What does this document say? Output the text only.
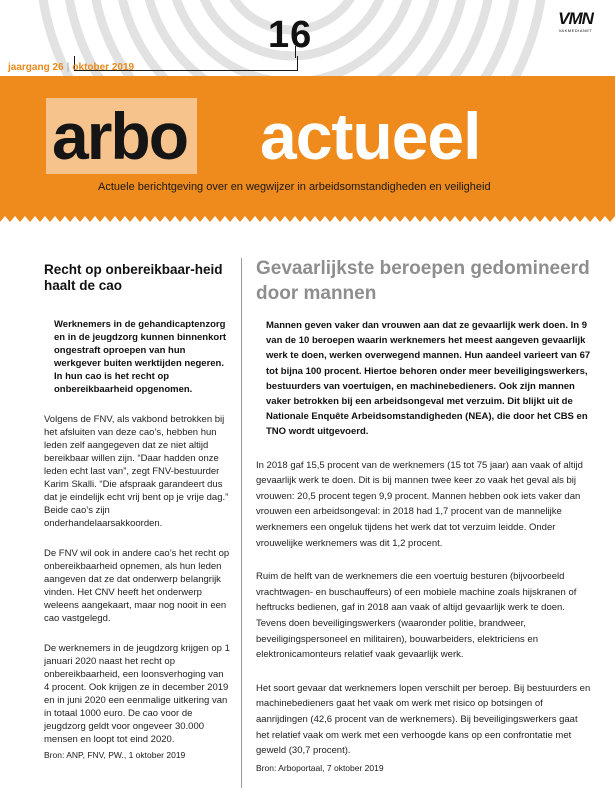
16
jaargang 26 | oktober 2019
VMN
VAKMEDIANET
arbo actueel
Actuele berichtgeving over en wegwijzer in arbeidsomstandigheden en veiligheid
Recht op onbereikbaar-heid haalt de cao
Werknemers in de gehandicaptenzorg en in de jeugdzorg kunnen binnenkort ongestraft oproepen van hun werkgever buiten werktijden negeren. In hun cao is het recht op onbereikbaarheid opgenomen.
Volgens de FNV, als vakbond betrokken bij het afsluiten van deze cao’s, hebben hun leden zelf aangegeven dat ze niet altijd bereikbaar willen zijn. “Daar hadden onze leden echt last van”, zegt FNV-bestuurder Karim Skalli. “Die afspraak garandeert dus dat je eindelijk echt vrij bent op je vrije dag.” Beide cao’s zijn onderhandelaarsakkoorden.
De FNV wil ook in andere cao’s het recht op onbereikbaarheid opnemen, als hun leden aangeven dat ze dat onderwerp belangrijk vinden. Het CNV heeft het onderwerp weleens aangekaart, maar nog nooit in een cao vastgelegd.
De werknemers in de jeugdzorg krijgen op 1 januari 2020 naast het recht op onbereikbaarheid, een loonsverhoging van 4 procent. Ook krijgen ze in december 2019 en in juni 2020 een eenmalige uitkering van in totaal 1000 euro. De cao voor de jeugdzorg geldt voor ongeveer 30.000 mensen en loopt tot eind 2020.
Bron: ANP, FNV, PW., 1 oktober 2019
Gevaarlijkste beroepen gedomineerd door mannen
Mannen geven vaker dan vrouwen aan dat ze gevaarlijk werk doen. In 9 van de 10 beroepen waarin werknemers het meest aangeven gevaarlijk werk te doen, werken overwegend mannen. Hun aandeel varieert van 67 tot bijna 100 procent. Hiertoe behoren onder meer beveiligingswerkers, bestuurders van voertuigen, en machinebedieners. Ook zijn mannen vaker betrokken bij een arbeidsongeval met verzuim. Dit blijkt uit de Nationale Enquête Arbeidsomstandigheden (NEA), die door het CBS en TNO wordt uitgevoerd.
In 2018 gaf 15,5 procent van de werknemers (15 tot 75 jaar) aan vaak of altijd gevaarlijk werk te doen. Dit is bij mannen twee keer zo vaak het geval als bij vrouwen: 20,5 procent tegen 9,9 procent. Mannen hebben ook iets vaker dan vrouwen een arbeidsongeval: in 2018 had 1,7 procent van de mannelijke werknemers een ongeluk tijdens het werk dat tot verzuim leidde. Onder vrouwelijke werknemers was dit 1,2 procent.
Ruim de helft van de werknemers die een voertuig besturen (bijvoorbeeld vrachtwagen- en buschauffeurs) of een mobiele machine zoals hijskranen of heftrucks bedienen, gaf in 2018 aan vaak of altijd gevaarlijk werk te doen. Tevens doen beveiligingswerkers (waaronder politie, brandweer, beveiligingspersoneel en militairen), bouwarbeiders, elektriciens en elektronicamonteurs relatief vaak gevaarlijk werk.
Het soort gevaar dat werknemers lopen verschilt per beroep. Bij bestuurders en machinebedieners gaat het vaak om werk met risico op botsingen of aanrijdingen (42,6 procent van de werknemers). Bij beveiligingswerkers gaat het relatief vaak om werk met een verhoogde kans op een confrontatie met geweld (30,7 procent).
Bron: Arboportaal, 7 oktober 2019
